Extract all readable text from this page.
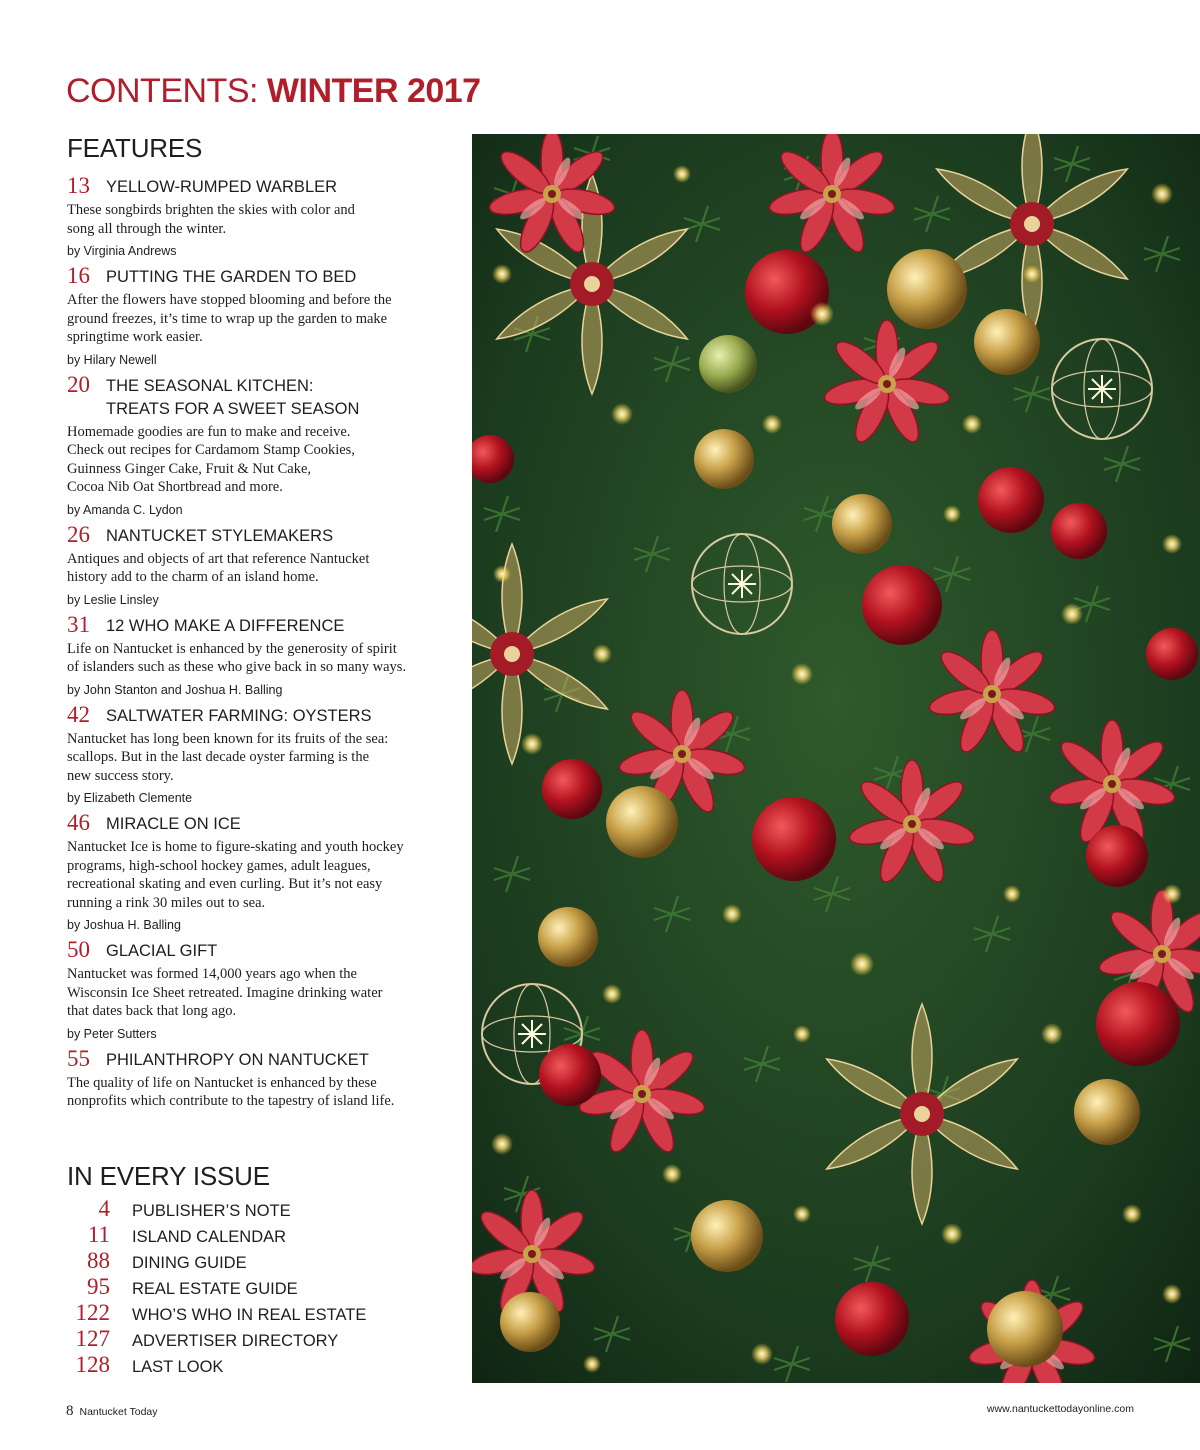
CONTENTS: WINTER 2017
FEATURES
13 YELLOW-RUMPED WARBLER
These songbirds brighten the skies with color and
song all through the winter.
by Virginia Andrews
16 PUTTING THE GARDEN TO BED
After the flowers have stopped blooming and before the
ground freezes, it’s time to wrap up the garden to make
springtime work easier.
by Hilary Newell
20 THE SEASONAL KITCHEN:
TREATS FOR A SWEET SEASON
Homemade goodies are fun to make and receive.
Check out recipes for Cardamom Stamp Cookies,
Guinness Ginger Cake, Fruit & Nut Cake,
Cocoa Nib Oat Shortbread and more.
by Amanda C. Lydon
26 NANTUCKET STYLEMAKERS
Antiques and objects of art that reference Nantucket
history add to the charm of an island home.
by Leslie Linsley
31 12 WHO MAKE A DIFFERENCE
Life on Nantucket is enhanced by the generosity of spirit
of islanders such as these who give back in so many ways.
by John Stanton and Joshua H. Balling
42 SALTWATER FARMING: OYSTERS
Nantucket has long been known for its fruits of the sea:
scallops. But in the last decade oyster farming is the
new success story.
by Elizabeth Clemente
46 MIRACLE ON ICE
Nantucket Ice is home to figure-skating and youth hockey
programs, high-school hockey games, adult leagues,
recreational skating and even curling. But it’s not easy
running a rink 30 miles out to sea.
by Joshua H. Balling
50 GLACIAL GIFT
Nantucket was formed 14,000 years ago when the
Wisconsin Ice Sheet retreated. Imagine drinking water
that dates back that long ago.
by Peter Sutters
55 PHILANTHROPY ON NANTUCKET
The quality of life on Nantucket is enhanced by these
nonprofits which contribute to the tapestry of island life.
IN EVERY ISSUE
4 PUBLISHER’S NOTE
11 ISLAND CALENDAR
88 DINING GUIDE
95 REAL ESTATE GUIDE
122 WHO’S WHO IN REAL ESTATE
127 ADVERTISER DIRECTORY
128 LAST LOOK
8 Nantucket Today	www.nantuckettodayonline.com
